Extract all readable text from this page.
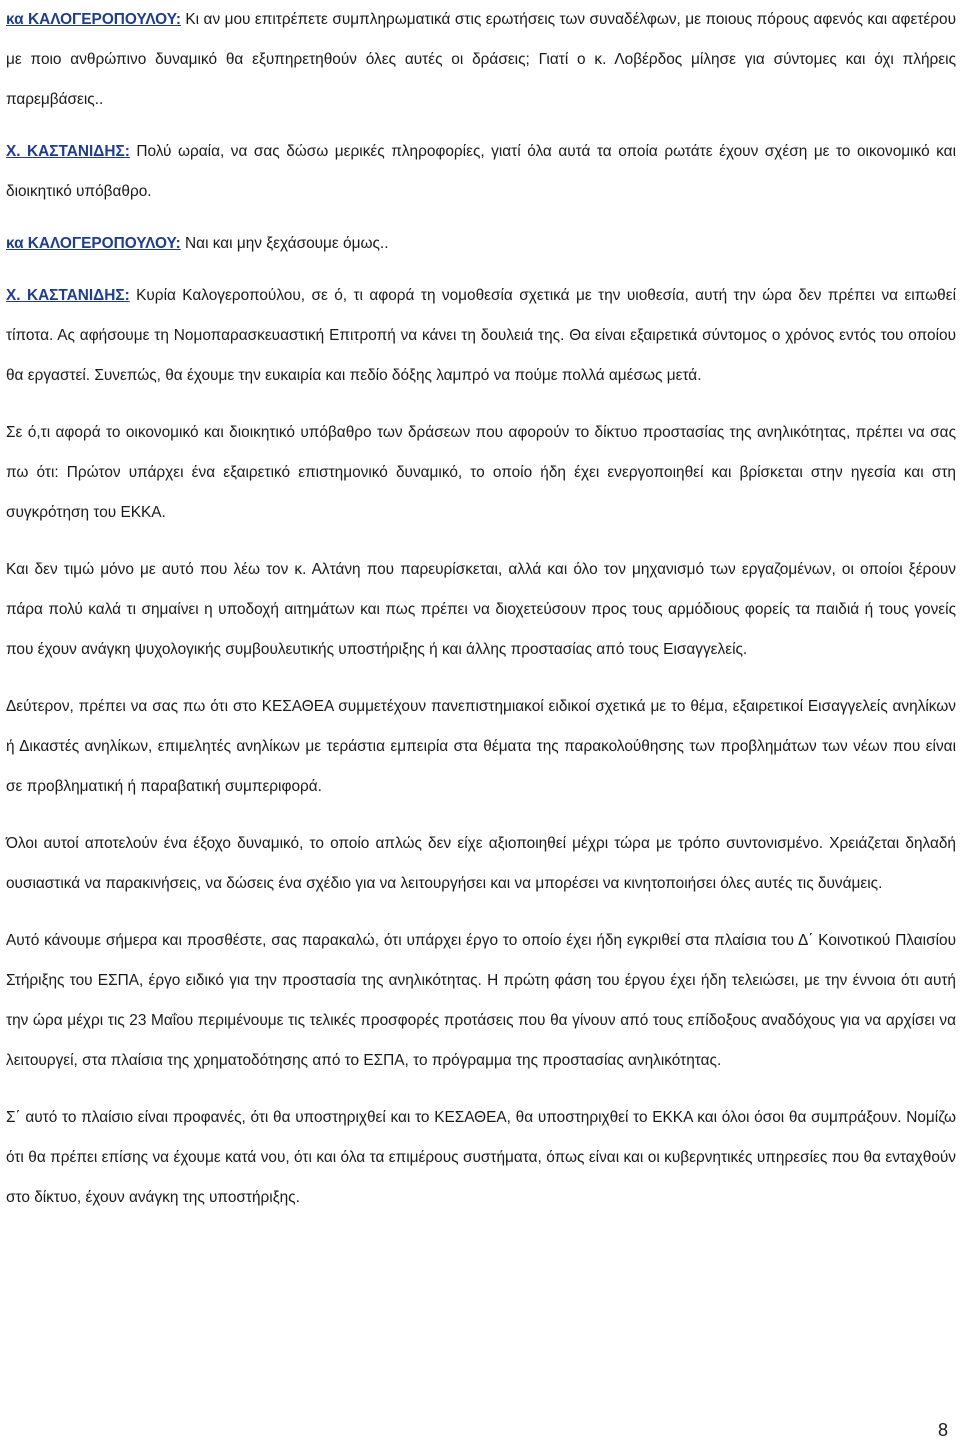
κα ΚΑΛΟΓΕΡΟΠΟΥΛΟΥ: Κι αν μου επιτρέπετε συμπληρωματικά στις ερωτήσεις των συναδέλφων, με ποιους πόρους αφενός και αφετέρου με ποιο ανθρώπινο δυναμικό θα εξυπηρετηθούν όλες αυτές οι δράσεις; Γιατί ο κ. Λοβέρδος μίλησε για σύντομες και όχι πλήρεις παρεμβάσεις..

Χ. ΚΑΣΤΑΝΙΔΗΣ: Πολύ ωραία, να σας δώσω μερικές πληροφορίες, γιατί όλα αυτά τα οποία ρωτάτε έχουν σχέση με το οικονομικό και διοικητικό υπόβαθρο.

κα ΚΑΛΟΓΕΡΟΠΟΥΛΟΥ: Ναι και μην ξεχάσουμε όμως..

Χ. ΚΑΣΤΑΝΙΔΗΣ: Κυρία Καλογεροπούλου, σε ό, τι αφορά τη νομοθεσία σχετικά με την υιοθεσία, αυτή την ώρα δεν πρέπει να ειπωθεί τίποτα. Ας αφήσουμε τη Νομοπαρασκευαστική Επιτροπή να κάνει τη δουλειά της. Θα είναι εξαιρετικά σύντομος ο χρόνος εντός του οποίου θα εργαστεί. Συνεπώς, θα έχουμε την ευκαιρία και πεδίο δόξης λαμπρό να πούμε πολλά αμέσως μετά.

Σε ό,τι αφορά το οικονομικό και διοικητικό υπόβαθρο των δράσεων που αφορούν το δίκτυο προστασίας της ανηλικότητας, πρέπει να σας πω ότι: Πρώτον υπάρχει ένα εξαιρετικό επιστημονικό δυναμικό, το οποίο ήδη έχει ενεργοποιηθεί και βρίσκεται στην ηγεσία και στη συγκρότηση του ΕΚΚΑ.

Και δεν τιμώ μόνο με αυτό που λέω τον κ. Αλτάνη που παρευρίσκεται, αλλά και όλο τον μηχανισμό των εργαζομένων, οι οποίοι ξέρουν πάρα πολύ καλά τι σημαίνει η υποδοχή αιτημάτων και πως πρέπει να διοχετεύσουν προς τους αρμόδιους φορείς τα παιδιά ή τους γονείς που έχουν ανάγκη ψυχολογικής συμβουλευτικής υποστήριξης ή και άλλης προστασίας από τους Εισαγγελείς.

Δεύτερον, πρέπει να σας πω ότι στο ΚΕΣΑΘΕΑ συμμετέχουν πανεπιστημιακοί ειδικοί σχετικά με το θέμα, εξαιρετικοί Εισαγγελείς ανηλίκων ή Δικαστές ανηλίκων, επιμελητές ανηλίκων με τεράστια εμπειρία στα θέματα της παρακολούθησης των προβλημάτων των νέων που είναι σε προβληματική ή παραβατική συμπεριφορά.

Όλοι αυτοί αποτελούν ένα έξοχο δυναμικό, το οποίο απλώς δεν είχε αξιοποιηθεί μέχρι τώρα με τρόπο συντονισμένο. Χρειάζεται δηλαδή ουσιαστικά να παρακινήσεις, να δώσεις ένα σχέδιο για να λειτουργήσει και να μπορέσει να κινητοποιήσει όλες αυτές τις δυνάμεις.

Αυτό κάνουμε σήμερα και προσθέστε, σας παρακαλώ, ότι υπάρχει έργο το οποίο έχει ήδη εγκριθεί στα πλαίσια του Δ΄ Κοινοτικού Πλαισίου Στήριξης του ΕΣΠΑ, έργο ειδικό για την προστασία της ανηλικότητας. Η πρώτη φάση του έργου έχει ήδη τελειώσει, με την έννοια ότι αυτή την ώρα μέχρι τις 23 Μαΐου περιμένουμε τις τελικές προσφορές προτάσεις που θα γίνουν από τους επίδοξους αναδόχους για να αρχίσει να λειτουργεί, στα πλαίσια της χρηματοδότησης από το ΕΣΠΑ, το πρόγραμμα της προστασίας ανηλικότητας.

Σ΄ αυτό το πλαίσιο είναι προφανές, ότι θα υποστηριχθεί και το ΚΕΣΑΘΕΑ, θα υποστηριχθεί το ΕΚΚΑ και όλοι όσοι θα συμπράξουν. Νομίζω ότι θα πρέπει επίσης να έχουμε κατά νου, ότι και όλα τα επιμέρους συστήματα, όπως είναι και οι κυβερνητικές υπηρεσίες που θα ενταχθούν στο δίκτυο, έχουν ανάγκη της υποστήριξης.

8
